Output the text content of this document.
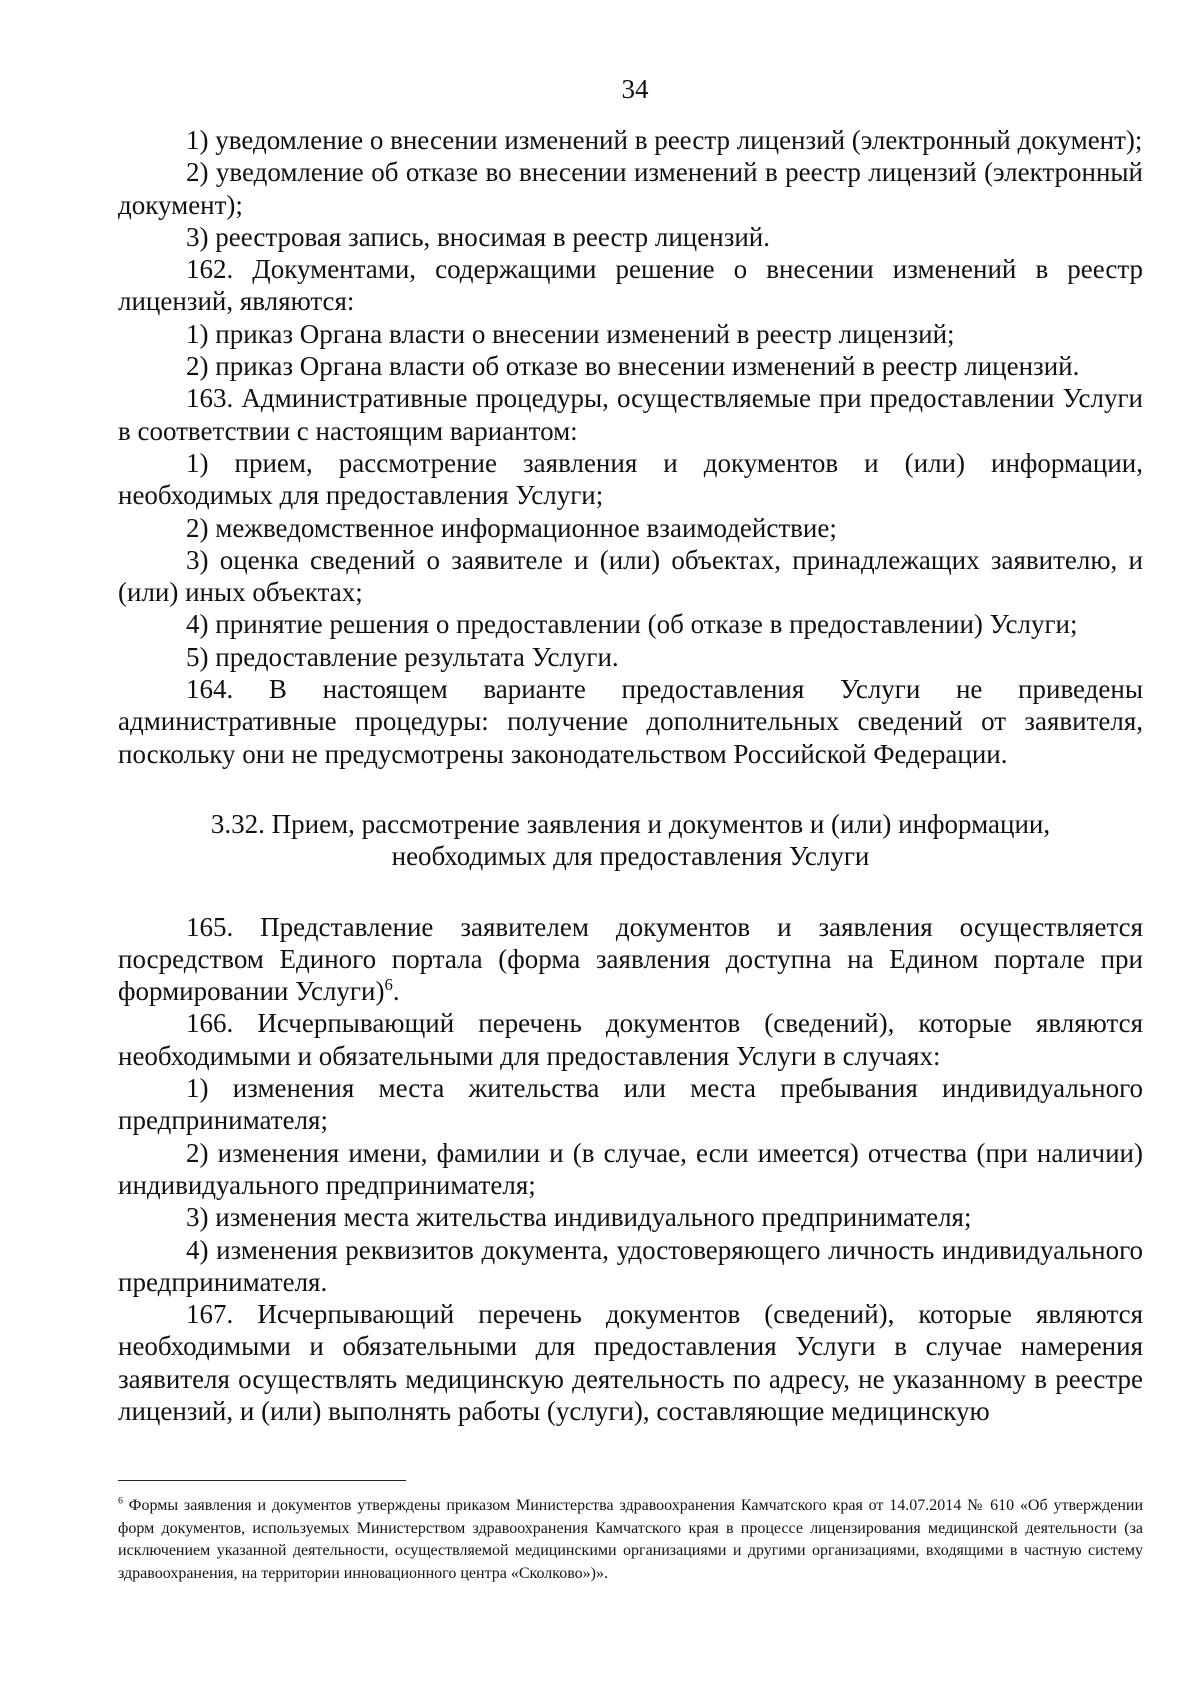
34

1) уведомление о внесении изменений в реестр лицензий (электронный документ);

2) уведомление об отказе во внесении изменений в реестр лицензий (электронный документ);

3) реестровая запись, вносимая в реестр лицензий.

162. Документами, содержащими решение о внесении изменений в реестр лицензий, являются:

1) приказ Органа власти о внесении изменений в реестр лицензий;

2) приказ Органа власти об отказе во внесении изменений в реестр лицензий.

163. Административные процедуры, осуществляемые при предоставлении Услуги в соответствии с настоящим вариантом:

1) прием, рассмотрение заявления и документов и (или) информации, необходимых для предоставления Услуги;

2) межведомственное информационное взаимодействие;

3) оценка сведений о заявителе и (или) объектах, принадлежащих заявителю, и (или) иных объектах;

4) принятие решения о предоставлении (об отказе в предоставлении) Услуги;

5) предоставление результата Услуги.

164. В настоящем варианте предоставления Услуги не приведены административные процедуры: получение дополнительных сведений от заявителя, поскольку они не предусмотрены законодательством Российской Федерации.

3.32. Прием, рассмотрение заявления и документов и (или) информации,
необходимых для предоставления Услуги

165. Представление заявителем документов и заявления осуществляется посредством Единого портала (форма заявления доступна на Едином портале при формировании Услуги)$^6$.

166. Исчерпывающий перечень документов (сведений), которые являются необходимыми и обязательными для предоставления Услуги в случаях:

1) изменения места жительства или места пребывания индивидуального предпринимателя;

2) изменения имени, фамилии и (в случае, если имеется) отчества (при наличии) индивидуального предпринимателя;

3) изменения места жительства индивидуального предпринимателя;

4) изменения реквизитов документа, удостоверяющего личность индивидуального предпринимателя.

167. Исчерпывающий перечень документов (сведений), которые являются необходимыми и обязательными для предоставления Услуги в случае намерения заявителя осуществлять медицинскую деятельность по адресу, не указанному в реестре лицензий, и (или) выполнять работы (услуги), составляющие медицинскую

$^6$ Формы заявления и документов утверждены приказом Министерства здравоохранения Камчатского края от 14.07.2014 № 610 «Об утверждении форм документов, используемых Министерством здравоохранения Камчатского края в процессе лицензирования медицинской деятельности (за исключением указанной деятельности, осуществляемой медицинскими организациями и другими организациями, входящими в частную систему здравоохранения, на территории инновационного центра «Сколково»)».
